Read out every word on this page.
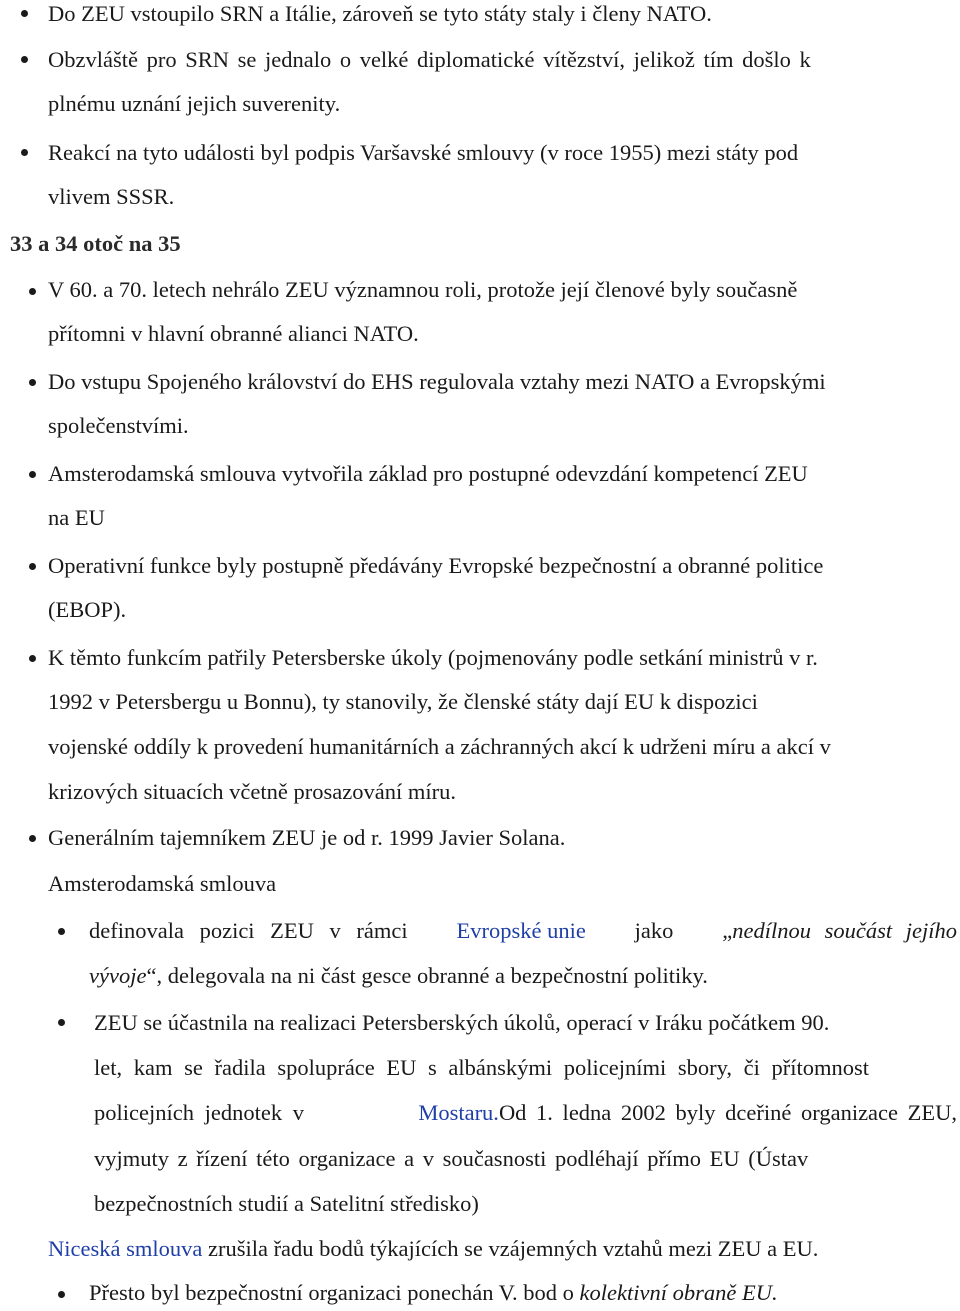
Do ZEU vstoupilo SRN a Itálie, zároveň se tyto státy staly i členy NATO.
Obzvláště pro SRN se jednalo o velké diplomatické vítězství, jelikož tím došlo k
plnému uznání jejich suverenity.
Reakcí na tyto události byl podpis Varšavské smlouvy (v roce 1955) mezi státy pod
vlivem SSSR.
33 a 34 otoč na 35
V 60. a 70. letech nehrálo ZEU významnou roli, protože její členové byly současně
přítomni v hlavní obranné alianci NATO.
Do vstupu Spojeného království do EHS regulovala vztahy mezi NATO a Evropskými
společenstvími.
Amsterodamská smlouva vytvořila základ pro postupné odevzdání kompetencí ZEU
na EU
Operativní funkce byly postupně předávány Evropské bezpečnostní a obranné politice
(EBOP).
K těmto funkcím patřily Petersberske úkoly (pojmenovány podle setkání ministrů v r.
1992 v Petersbergu u Bonnu), ty stanovily, že členské státy dají EU k dispozici
vojenské oddíly k provedení humanitárních a záchranných akcí k udrženi míru a akcí v
krizových situacích včetně prosazování míru.
Generálním tajemníkem ZEU je od r. 1999 Javier Solana.
Amsterodamská smlouva
definovala pozici ZEU v rámci Evropské unie jako „nedílnou součást jejího
vývoje“, delegovala na ni část gesce obranné a bezpečnostní politiky.
ZEU se účastnila na realizaci Petersberských úkolů, operací v Iráku počátkem 90.
let, kam se řadila spolupráce EU s albánskými policejními sbory, či přítomnost
policejních jednotek v	Mostaru.Od 1. ledna 2002 byly dceřiné organizace ZEU,
vyjmuty z řízení této organizace a v současnosti podléhají přímo EU (Ústav
bezpečnostních studií a Satelitní středisko)
Niceská smlouva zrušila řadu bodů týkajících se vzájemných vztahů mezi ZEU a EU.
Přesto byl bezpečnostní organizaci ponechán V. bod o kolektivní obraně EU.
